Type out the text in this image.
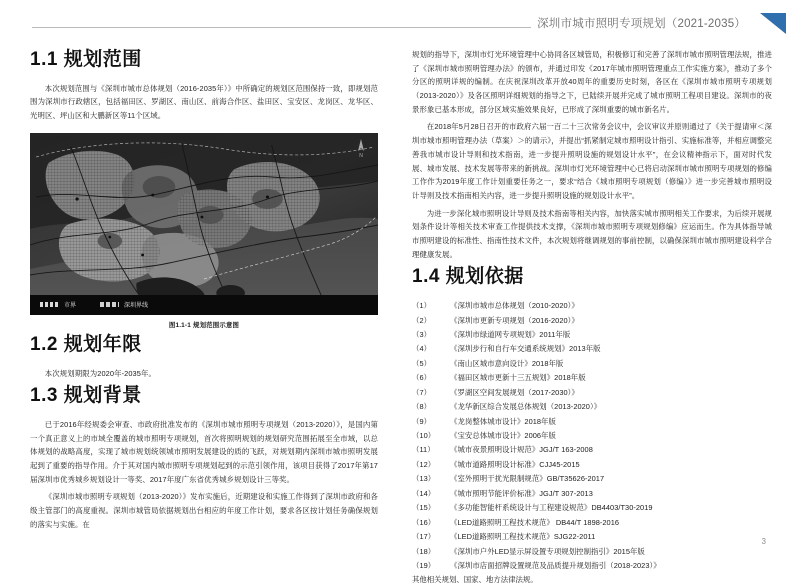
深圳市城市照明专项规划（2021-2035）
1.1 规划范围

本次规划范围与《深圳市城市总体规划（2016-2035年）》中所确定的规划区范围保持一致，即规划范围为深圳市行政辖区，包括福田区、罗湖区、南山区、前海合作区、盐田区、宝安区、龙岗区、龙华区、光明区、坪山区和大鹏新区等11个区域。

N
市界	深圳界线
图1.1-1 规划范围示意图
1.2 规划年限

本次规划期限为2020年-2035年。

1.3 规划背景

已于2016年经规委会审查、市政府批准发布的《深圳市城市照明专项规划（2013-2020）》，是国内第一个真正意义上的市域全覆盖的城市照明专项规划，首次将照明规划的规划研究范围拓展至全市域，以总体规划的战略高度，实现了城市规划统领城市照明发展建设的质的飞跃，对规划期内深圳市城市照明发展起到了重要的指导作用。介于其对国内城市照明专项规划起到的示范引领作用，该项目获得了2017年第17届深圳市优秀城乡规划设计一等奖、2017年度广东省优秀城乡规划设计三等奖。

《深圳市城市照明专项规划（2013-2020）》发布实施后，近期建设和实施工作得到了深圳市政府和各级主管部门的高度重视。深圳市城管局依据规划出台相应的年度工作计划，要求各区按计划任务确保规划的落实与实施。在

规划的指导下，深圳市灯光环境管理中心协同各区城管局，积极修订和完善了深圳市城市照明管理法规，推进了《深圳市城市照明管理办法》的颁布，并通过印发《2017年城市照明管理重点工作实施方案》，推动了多个分区的照明详规的编制。在庆祝深圳改革开放40周年的重要历史时刻，各区在《深圳市城市照明专项规划（2013-2020）》及各区照明详细规划的指导之下，已陆续开展并完成了城市照明工程项目建设。深圳市的夜景形象已基本形成，部分区域实施效果良好，已形成了深圳重要的城市新名片。

在2018年5月28日召开的市政府六届一百二十三次常务会议中，会议审议并原则通过了《关于提请审＜深圳市城市照明管理办法（草案）＞的请示》，并提出“抓紧制定城市照明设计指引、实施标准等，并相应调整完善我市城市设计导则和技术指南，进一步提升照明设施的规划设计水平”，在会议精神指示下，面对时代发展、城市发展、技术发展等带来的新挑战。深圳市灯光环境管理中心已将启动深圳市城市照明专项规划的修编工作作为2019年度工作计划重要任务之一，要求“结合《城市照明专项规划（修编）》进一步完善城市照明设计导则及技术指南相关内容，进一步提升照明设施的规划设计水平”。

为进一步深化城市照明设计导则及技术指南等相关内容，加快落实城市照明相关工作要求，为后续开展规划条件设计等相关技术审查工作提供技术支撑，《深圳市城市照明专项规划修编》应运而生。作为具体指导城市照明建设的标准性、指南性技术文件，本次规划将继调规划的事前控制，以确保深圳市城市照明建设科学合理健康发展。

1.4 规划依据
（1）	《深圳市城市总体规划（2010-2020）》
（2）	《深圳市更新专项规划（2016-2020）》
（3）	《深圳市绿道网专项规划》2011年版
（4）	《深圳步行和自行车交通系统规划》2013年版
（5）	《南山区城市意向设计》2018年版
（6）	《福田区城市更新十三五规划》2018年版
（7）	《罗湖区空间发展规划（2017-2030）》
（8）	《龙华新区综合发展总体规划（2013-2020）》
（9）	《龙岗整体城市设计》2018年版
（10） 《宝安总体城市设计》2006年版
（11） 《城市夜景照明设计规范》JGJ/T 163-2008
（12） 《城市道路照明设计标准》CJJ45-2015
（13） 《室外照明干扰光限制规范》GB/T35626-2017
（14） 《城市照明节能评价标准》JGJ/T 307-2013
（15） 《多功能智能杆系统设计与工程建设规范》DB4403/T30-2019
（16） 《LED道路照明工程技术规范》 DB44/T 1898-2016
（17） 《LED道路照明工程技术规范》SJG22-2011
（18） 《深圳市户外LED显示屏设置专项规划控制指引》2015年版
（19） 《深圳市店面招牌设置规范及品质提升规划指引（2018-2023）》

其他相关规划、国家、地方法律法规。

3
